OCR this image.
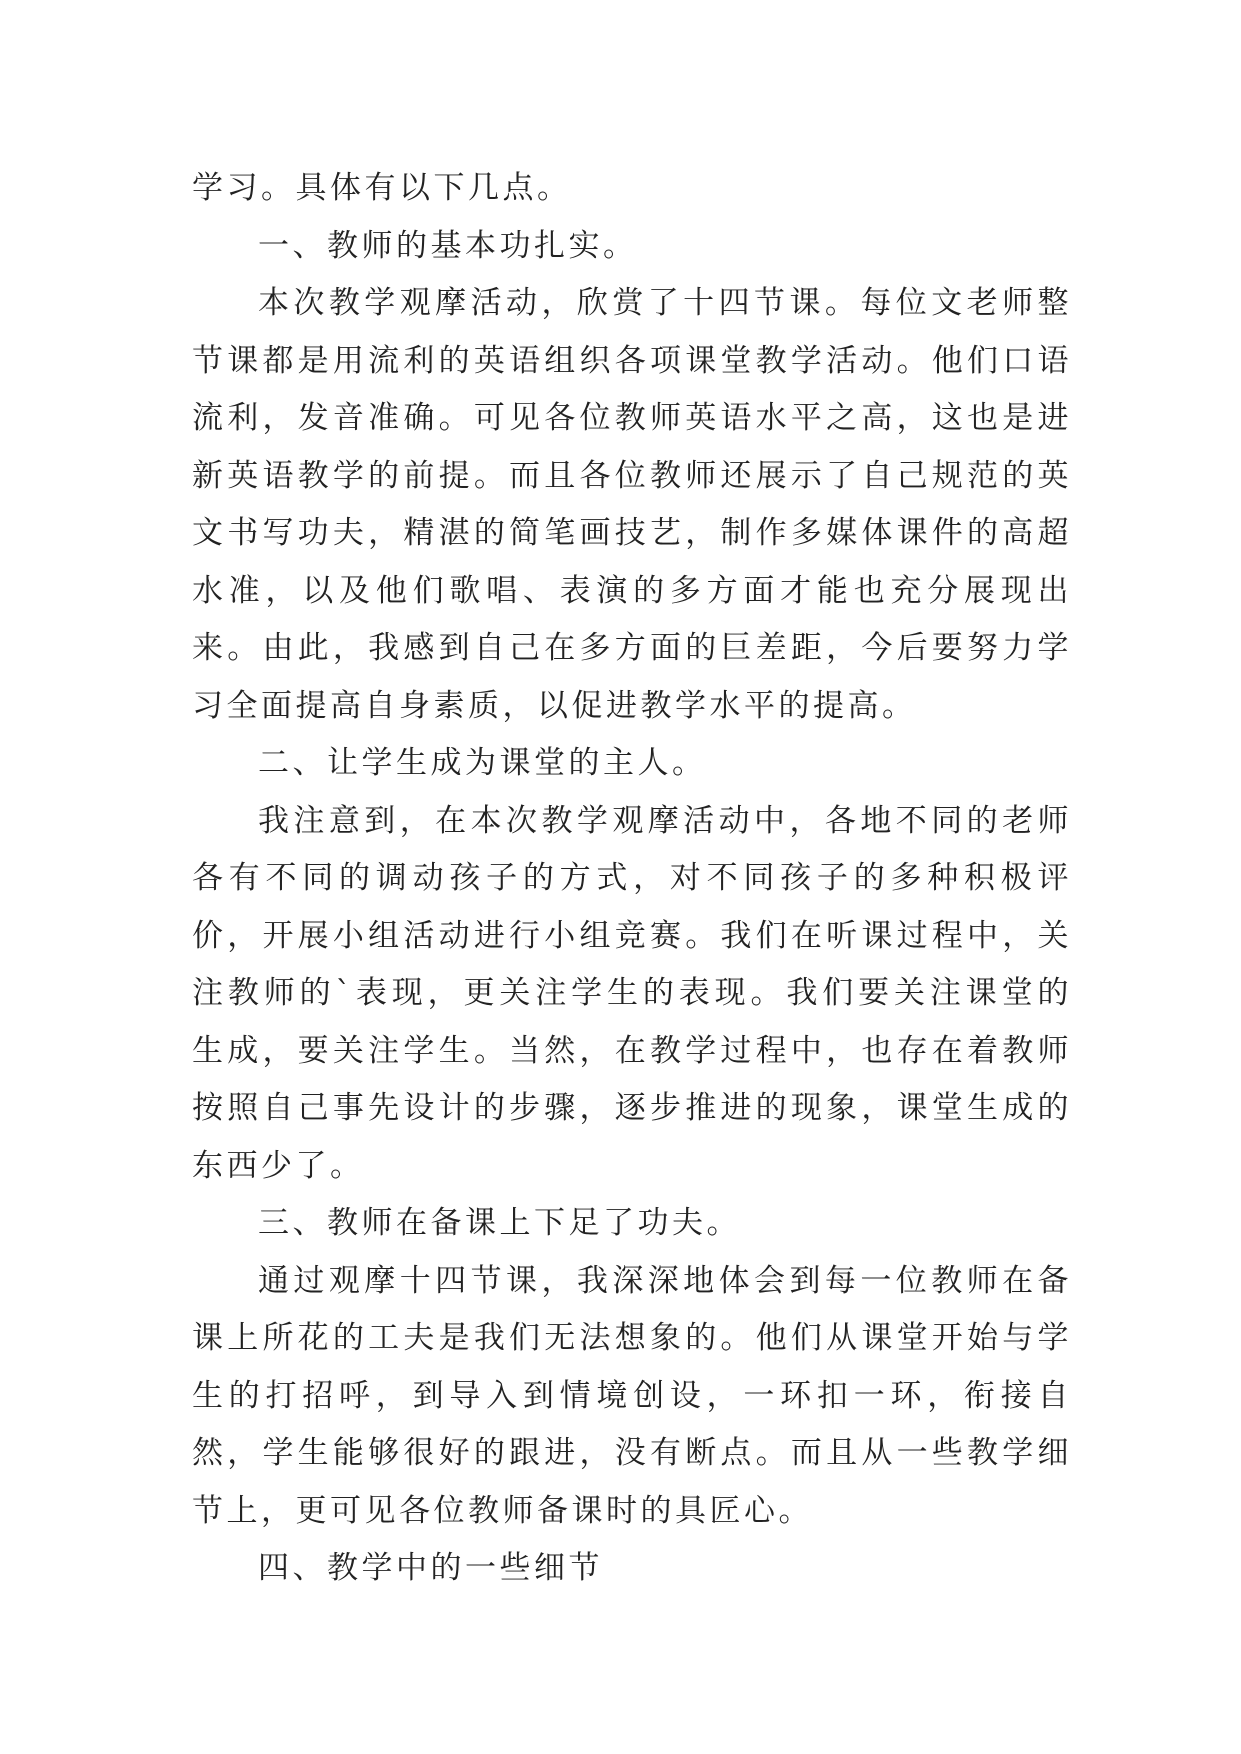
学习。具体有以下几点。

一、教师的基本功扎实。

本次教学观摩活动，欣赏了十四节课。每位文老师整节课都是用流利的英语组织各项课堂教学活动。他们口语流利，发音准确。可见各位教师英语水平之高，这也是进新英语教学的前提。而且各位教师还展示了自己规范的英文书写功夫，精湛的简笔画技艺，制作多媒体课件的高超水准，以及他们歌唱、表演的多方面才能也充分展现出来。由此，我感到自己在多方面的巨差距，今后要努力学习全面提高自身素质，以促进教学水平的提高。

二、让学生成为课堂的主人。

我注意到，在本次教学观摩活动中，各地不同的老师各有不同的调动孩子的方式，对不同孩子的多种积极评价，开展小组活动进行小组竞赛。我们在听课过程中，关注教师的`表现，更关注学生的表现。我们要关注课堂的生成，要关注学生。当然，在教学过程中，也存在着教师按照自己事先设计的步骤，逐步推进的现象，课堂生成的东西少了。

三、教师在备课上下足了功夫。

通过观摩十四节课，我深深地体会到每一位教师在备课上所花的工夫是我们无法想象的。他们从课堂开始与学生的打招呼，到导入到情境创设，一环扣一环，衔接自然，学生能够很好的跟进，没有断点。而且从一些教学细节上，更可见各位教师备课时的具匠心。

四、教学中的一些细节
